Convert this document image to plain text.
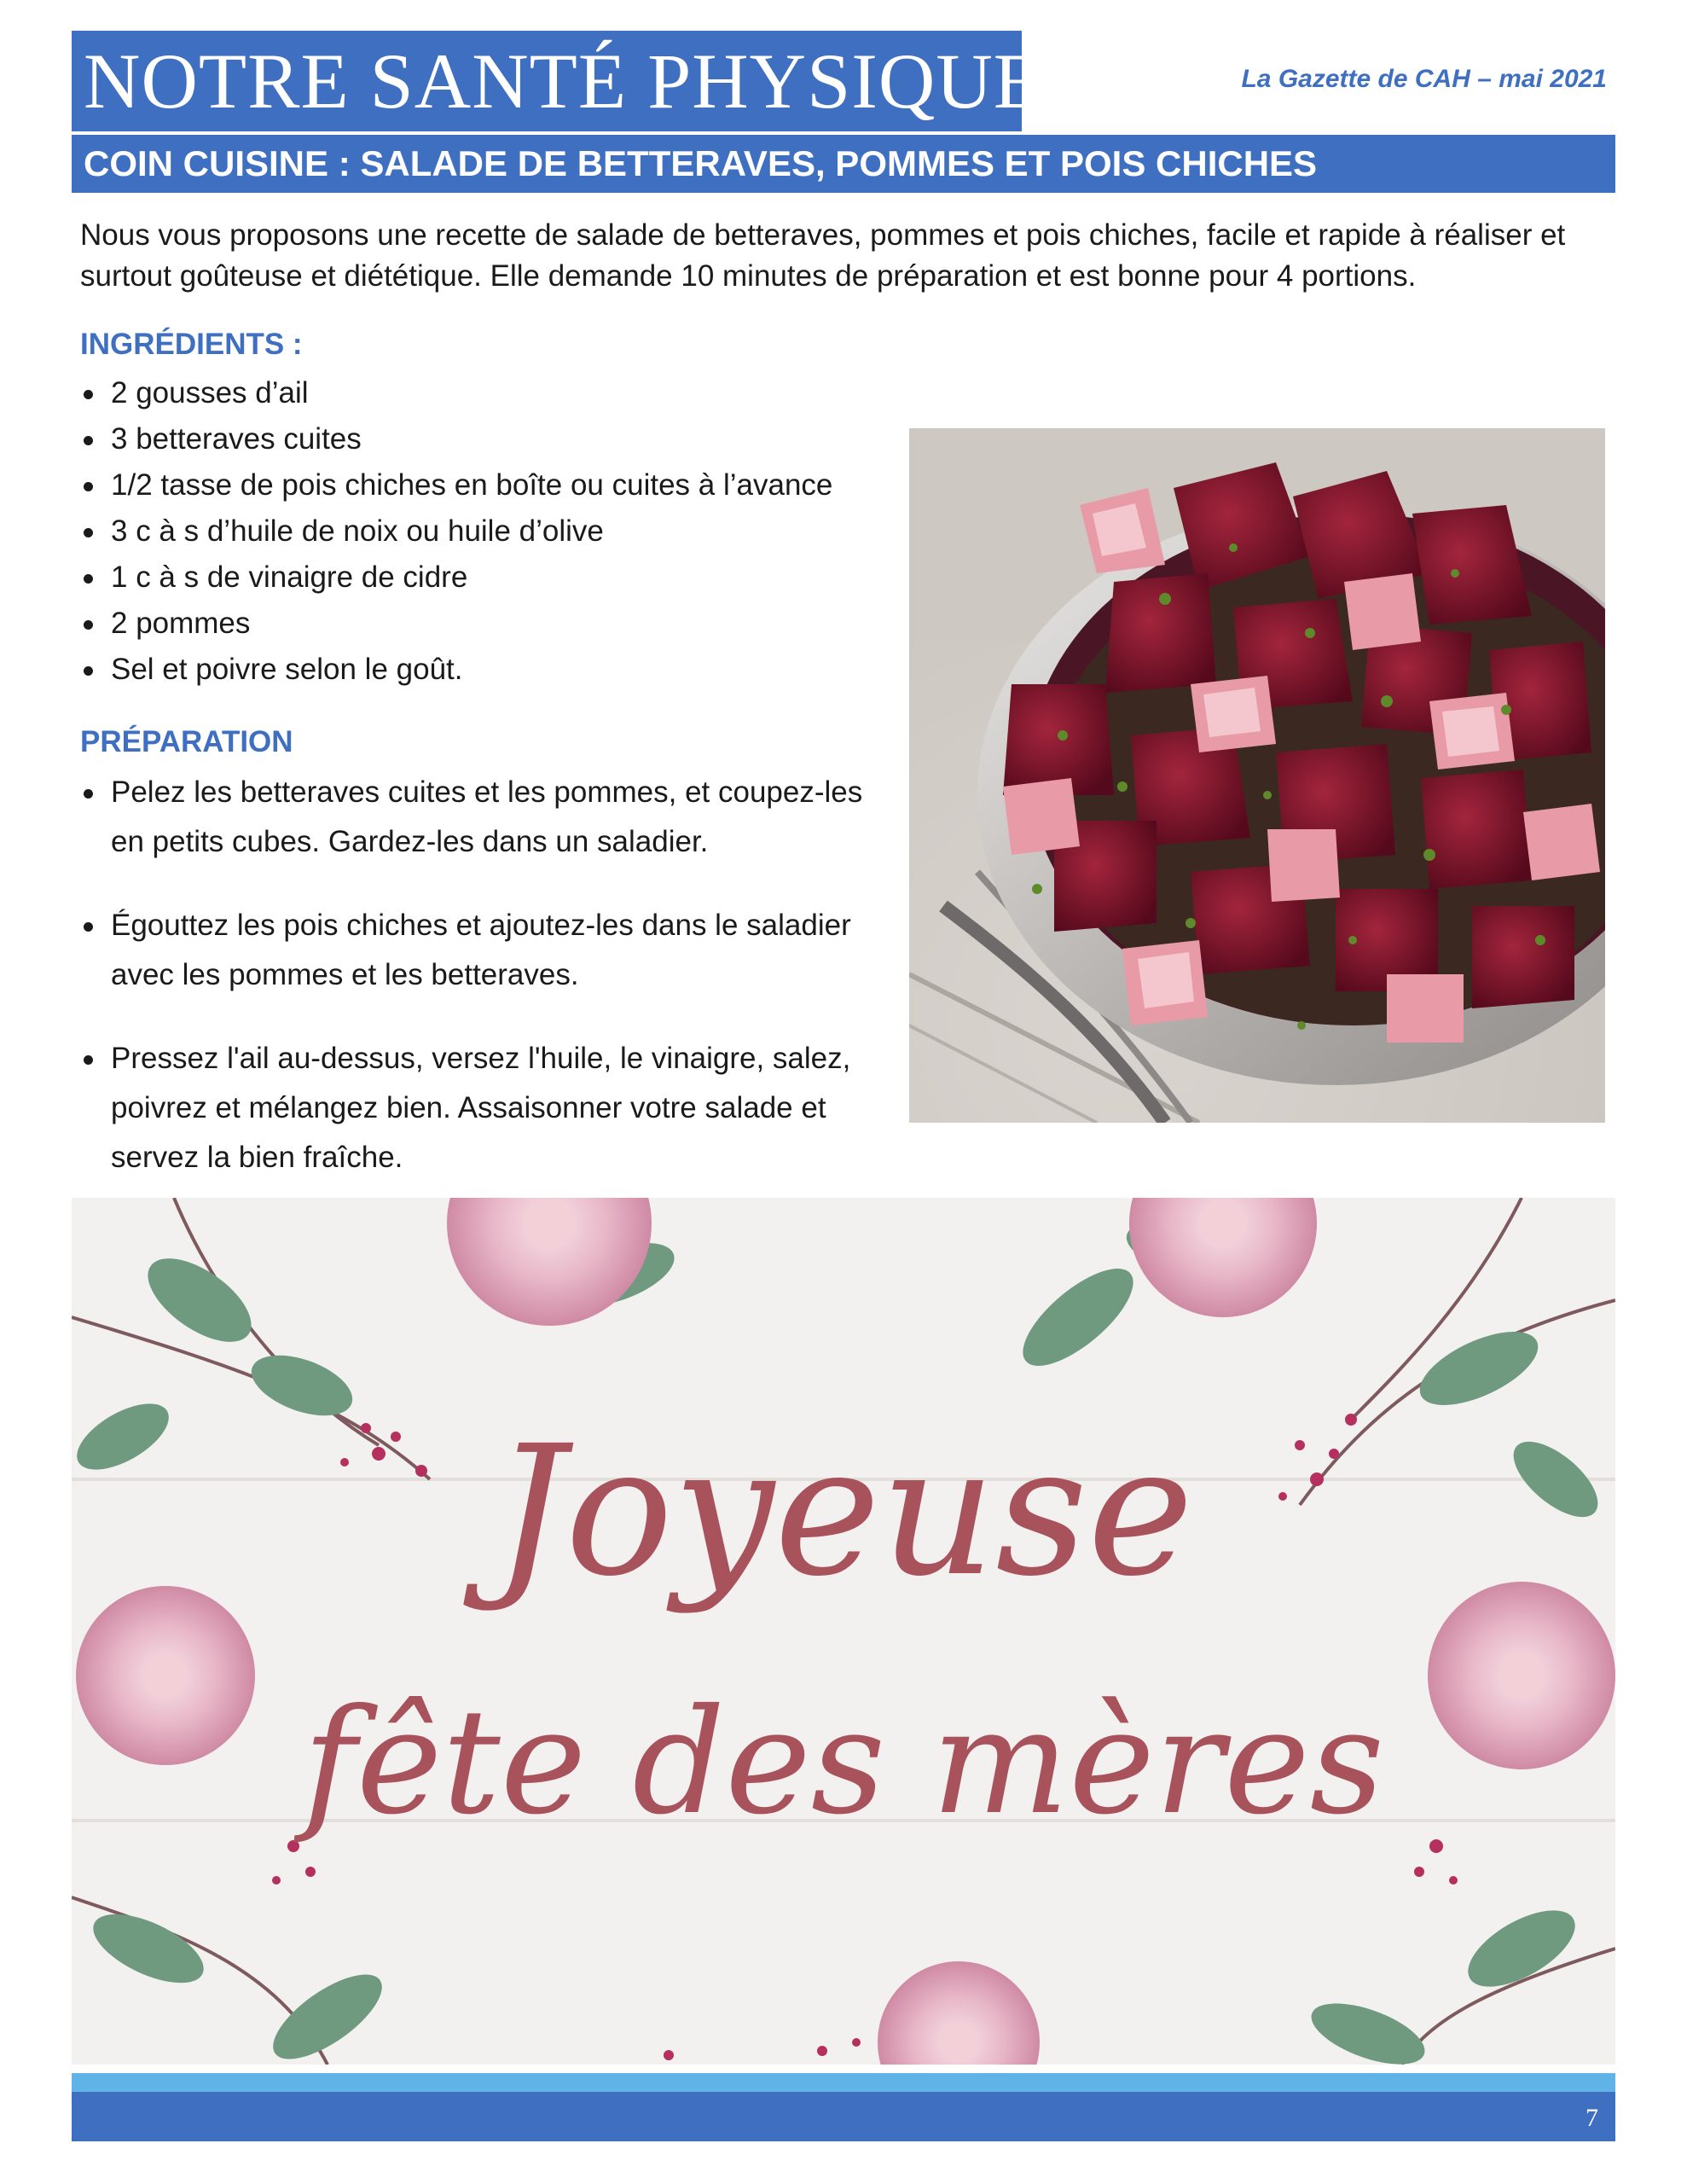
NOTRE SANTÉ PHYSIQUE	La Gazette de CAH – mai 2021
COIN CUISINE : SALADE DE BETTERAVES, POMMES ET POIS CHICHES

Nous vous proposons une recette de salade de betteraves, pommes et pois chiches, facile et rapide à réaliser et surtout goûteuse et diététique. Elle demande 10 minutes de préparation et est bonne pour 4 portions.

INGRÉDIENTS :
2 gousses d’ail
3 betteraves cuites
1/2 tasse de pois chiches en boîte ou cuites à l’avance
3 c à s d’huile de noix ou huile d’olive
1 c à s de vinaigre de cidre
2 pommes
Sel et poivre selon le goût.
PRÉPARATION
Pelez les betteraves cuites et les pommes, et coupez-les en petits cubes. Gardez-les dans un saladier.
Égouttez les pois chiches et ajoutez-les dans le saladier avec les pommes et les betteraves.
Pressez l'ail au-dessus, versez l'huile, le vinaigre, salez, poivrez et mélangez bien. Assaisonner votre salade et servez la bien fraîche.
Joyeuse
fête des mères
7
